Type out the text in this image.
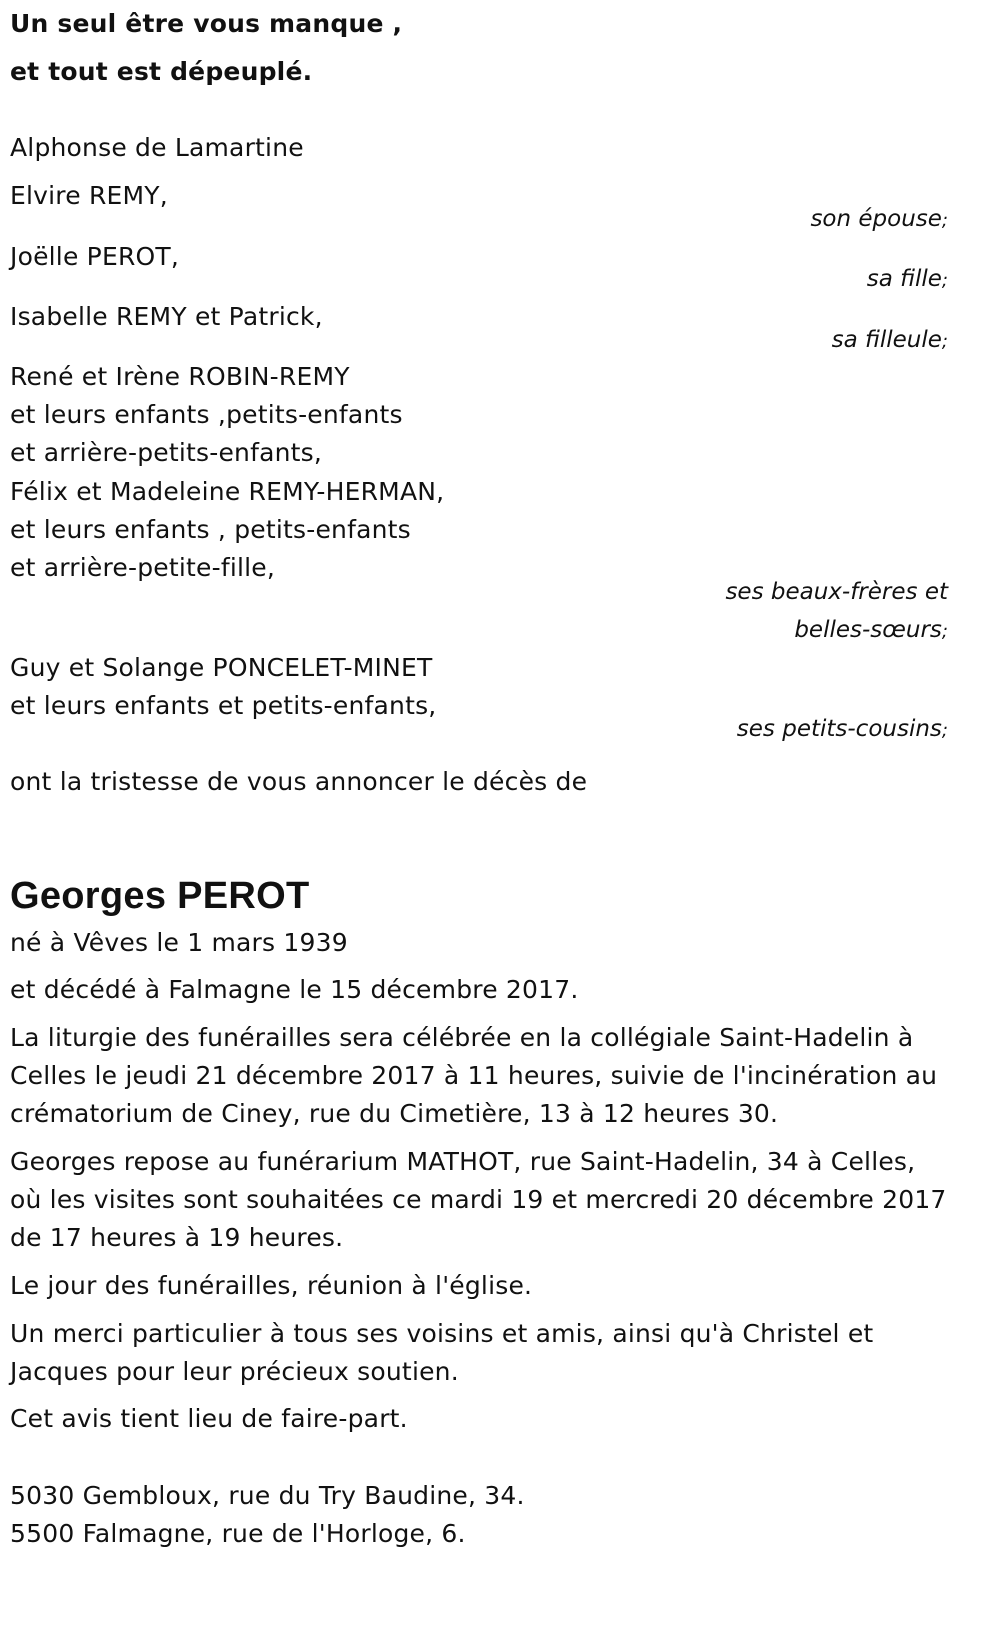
Un seul être vous manque ,
et tout est dépeuplé.
Alphonse de Lamartine
Elvire REMY,
son épouse;
Joëlle PEROT,
sa fille;
Isabelle REMY et Patrick,
sa filleule;
René et Irène ROBIN-REMY
et leurs enfants ,petits-enfants
et arrière-petits-enfants,
Félix et Madeleine REMY-HERMAN,
et leurs enfants , petits-enfants
et arrière-petite-fille,
ses beaux-frères et
belles-sœurs;
Guy et Solange PONCELET-MINET
et leurs enfants et petits-enfants,
ses petits-cousins;
ont la tristesse de vous annoncer le décès de
Georges PEROT
né à Vêves le 1 mars 1939
et décédé à Falmagne le 15 décembre 2017.
La liturgie des funérailles sera célébrée en la collégiale Saint-Hadelin à
Celles le jeudi 21 décembre 2017 à 11 heures, suivie de l'incinération au
crématorium de Ciney, rue du Cimetière, 13 à 12 heures 30.
Georges repose au funérarium MATHOT, rue Saint-Hadelin, 34 à Celles,
où les visites sont souhaitées ce mardi 19 et mercredi 20 décembre 2017
de 17 heures à 19 heures.
Le jour des funérailles, réunion à l'église.
Un merci particulier à tous ses voisins et amis, ainsi qu'à Christel et
Jacques pour leur précieux soutien.
Cet avis tient lieu de faire-part.
5030 Gembloux, rue du Try Baudine, 34.
5500 Falmagne, rue de l'Horloge, 6.
